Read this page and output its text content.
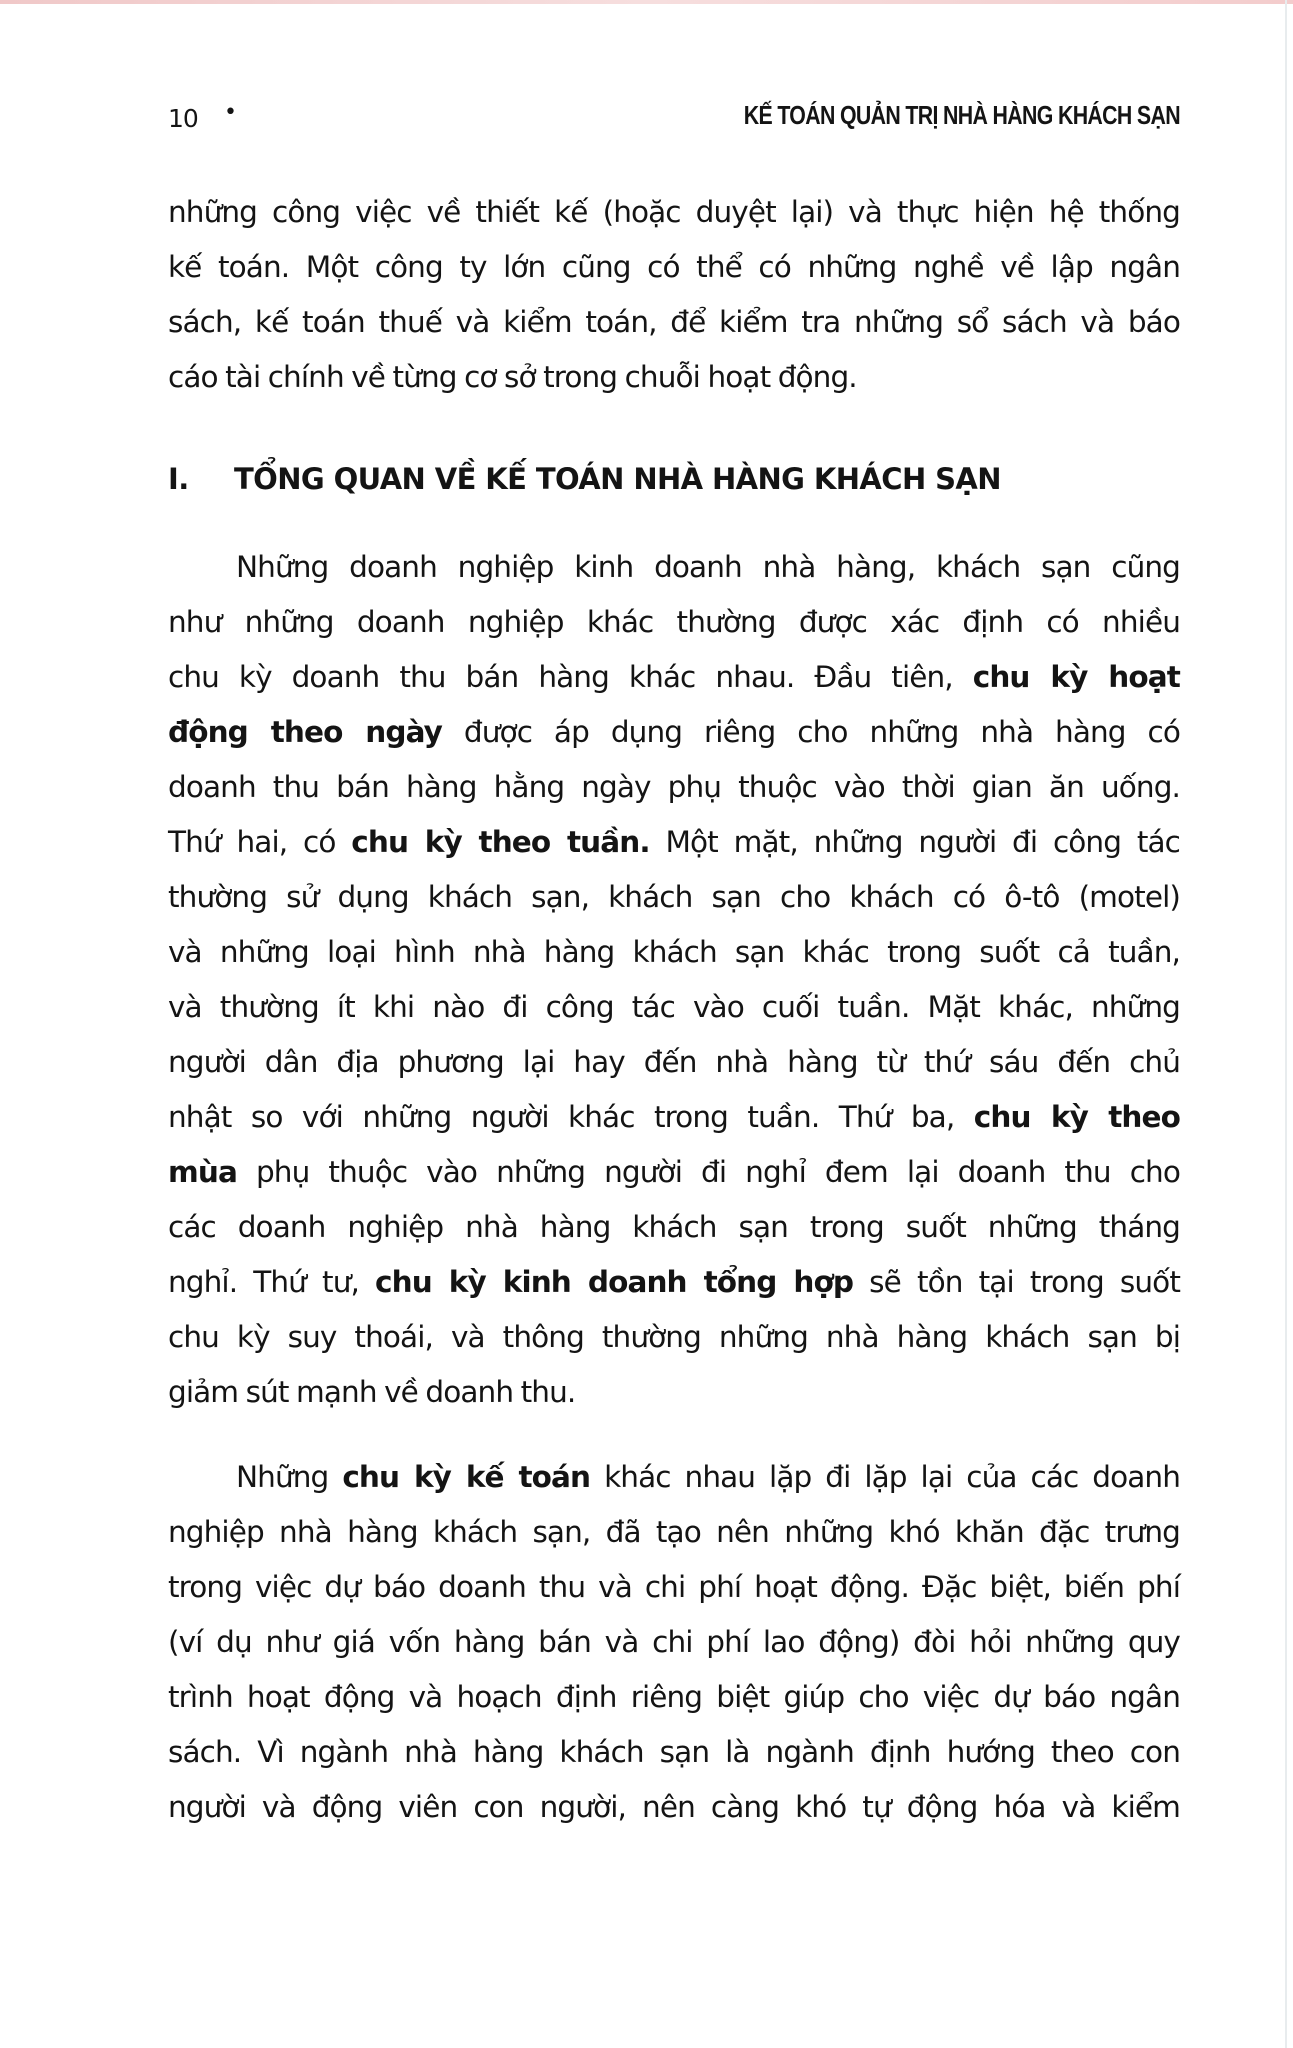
10 •	KẾ TOÁN QUẢN TRỊ NHÀ HÀNG KHÁCH SẠN
những công việc về thiết kế (hoặc duyệt lại) và thực hiện hệ thống
kế toán. Một công ty lớn cũng có thể có những nghề về lập ngân
sách, kế toán thuế và kiểm toán, để kiểm tra những sổ sách và báo
cáo tài chính về từng cơ sở trong chuỗi hoạt động.
I. TỔNG QUAN VỀ KẾ TOÁN NHÀ HÀNG KHÁCH SẠN
Những doanh nghiệp kinh doanh nhà hàng, khách sạn cũng
như những doanh nghiệp khác thường được xác định có nhiều
chu kỳ doanh thu bán hàng khác nhau. Đầu tiên, chu kỳ hoạt
động theo ngày được áp dụng riêng cho những nhà hàng có
doanh thu bán hàng hằng ngày phụ thuộc vào thời gian ăn uống.
Thứ hai, có chu kỳ theo tuần. Một mặt, những người đi công tác
thường sử dụng khách sạn, khách sạn cho khách có ô-tô (motel)
và những loại hình nhà hàng khách sạn khác trong suốt cả tuần,
và thường ít khi nào đi công tác vào cuối tuần. Mặt khác, những
người dân địa phương lại hay đến nhà hàng từ thứ sáu đến chủ
nhật so với những người khác trong tuần. Thứ ba, chu kỳ theo
mùa phụ thuộc vào những người đi nghỉ đem lại doanh thu cho
các doanh nghiệp nhà hàng khách sạn trong suốt những tháng
nghỉ. Thứ tư, chu kỳ kinh doanh tổng hợp sẽ tồn tại trong suốt
chu kỳ suy thoái, và thông thường những nhà hàng khách sạn bị
giảm sút mạnh về doanh thu.
Những chu kỳ kế toán khác nhau lặp đi lặp lại của các doanh
nghiệp nhà hàng khách sạn, đã tạo nên những khó khăn đặc trưng
trong việc dự báo doanh thu và chi phí hoạt động. Đặc biệt, biến phí
(ví dụ như giá vốn hàng bán và chi phí lao động) đòi hỏi những quy
trình hoạt động và hoạch định riêng biệt giúp cho việc dự báo ngân
sách. Vì ngành nhà hàng khách sạn là ngành định hướng theo con
người và động viên con người, nên càng khó tự động hóa và kiểm
